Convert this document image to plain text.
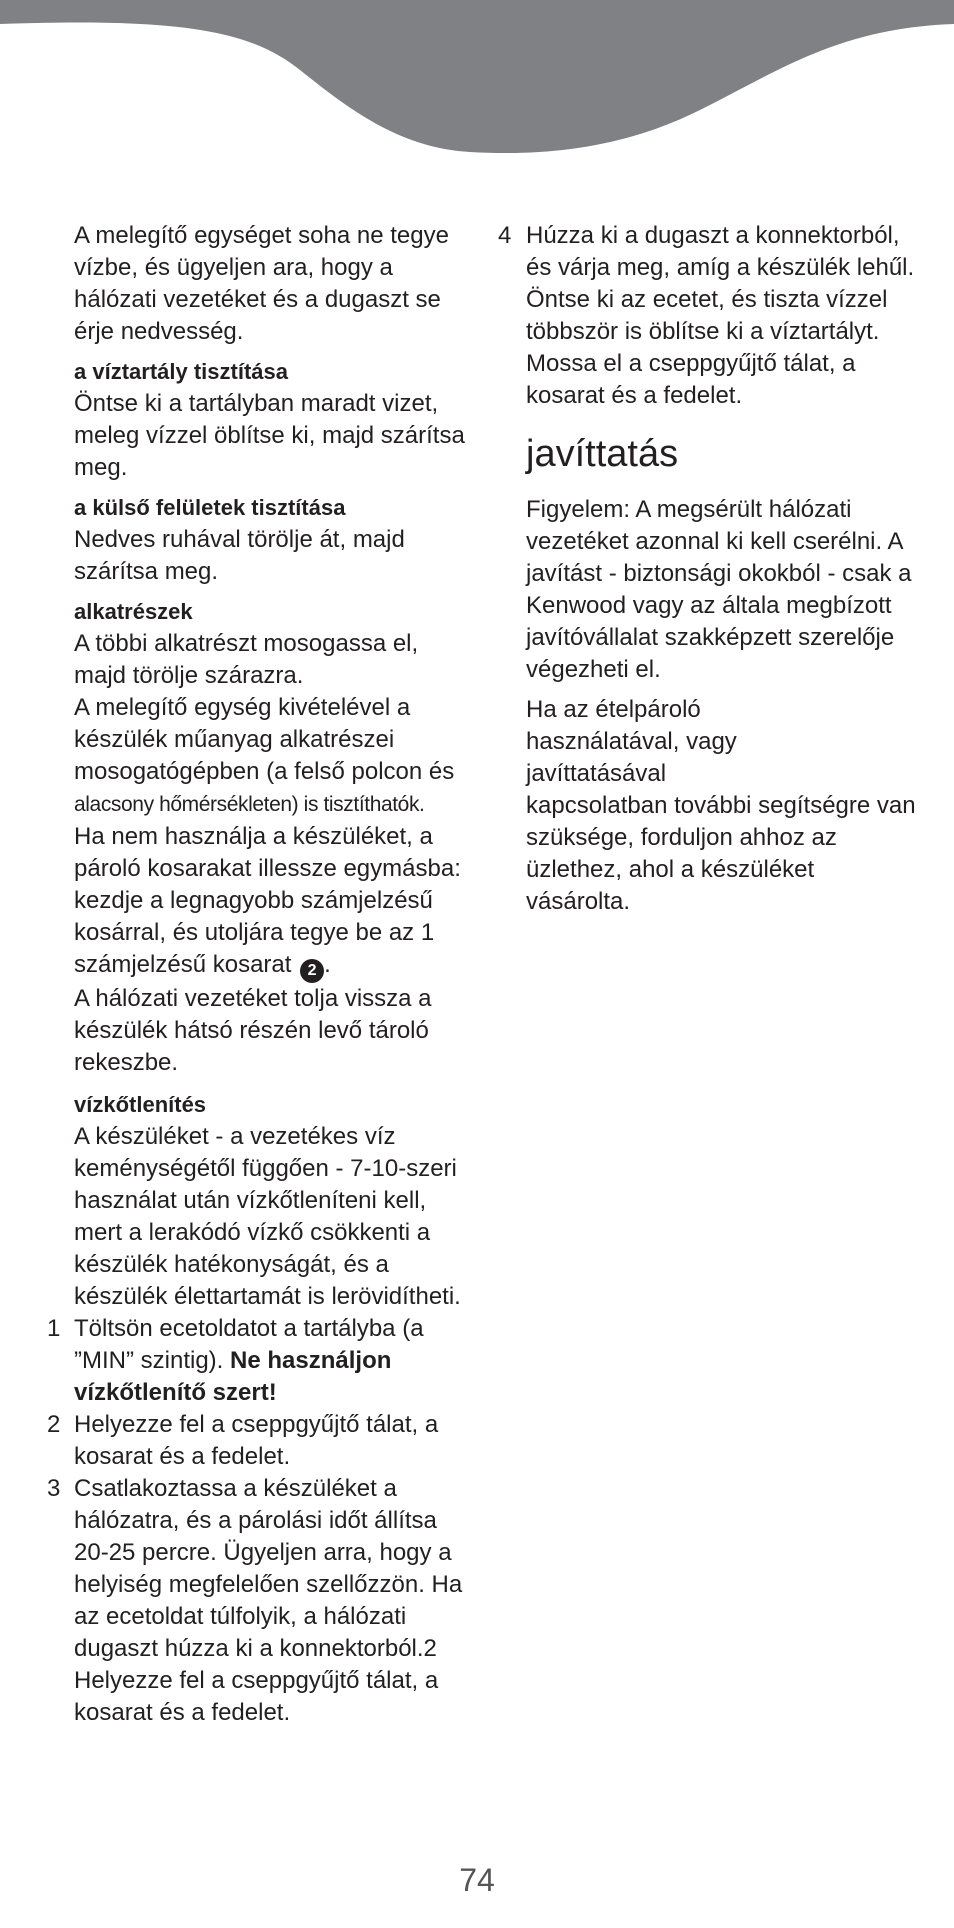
A melegítő egységet soha ne tegye vízbe, és ügyeljen ara, hogy a hálózati vezetéket és a dugaszt se érje nedvesség.

a víztartály tisztítása

Öntse ki a tartályban maradt vizet, meleg vízzel öblítse ki, majd szárítsa meg.

a külső felületek tisztítása

Nedves ruhával törölje át, majd szárítsa meg.

alkatrészek

A többi alkatrészt mosogassa el, majd törölje szárazra.

A melegítő egység kivételével a készülék műanyag alkatrészei mosogatógépben (a felső polcon és
alacsony hőmérsékleten) is tisztíthatók.

Ha nem használja a készüléket, a pároló kosarakat illessze egymásba: kezdje a legnagyobb számjelzésű kosárral, és utoljára tegye be az 1 számjelzésű kosarat 2 .

A hálózati vezetéket tolja vissza a készülék hátsó részén levő tároló rekeszbe.

vízkőtlenítés

A készüléket - a vezetékes víz keménységétől függően - 7-10-szeri használat után vízkőtleníteni kell, mert a lerakódó vízkő csökkenti a készülék hatékonyságát, és a készülék élettartamát is lerövidítheti.

1 Töltsön ecetoldatot a tartályba (a ”MIN” szintig). Ne használjon vízkőtlenítő szert!
2 Helyezze fel a cseppgyűjtő tálat, a kosarat és a fedelet.
3 Csatlakoztassa a készüléket a hálózatra, és a párolási időt állítsa 20-25 percre. Ügyeljen arra, hogy a helyiség megfelelően szellőzzön. Ha az ecetoldat túlfolyik, a hálózati dugaszt húzza ki a konnektorból.2 Helyezze fel a cseppgyűjtő tálat, a kosarat és a fedelet.
4 Húzza ki a dugaszt a konnektorból, és várja meg, amíg a készülék lehűl. Öntse ki az ecetet, és tiszta vízzel többször is öblítse ki a víztartályt. Mossa el a cseppgyűjtő tálat, a kosarat és a fedelet.
javíttatás

Figyelem: A megsérült hálózati vezetéket azonnal ki kell cserélni. A javítást - biztonsági okokból - csak a Kenwood vagy az általa megbízott javítóvállalat szakképzett szerelője végezheti el.

Ha az ételpároló
használatával, vagy
javíttatásával
kapcsolatban további segítségre van szüksége, forduljon ahhoz az üzlethez, ahol a készüléket vásárolta.

74
